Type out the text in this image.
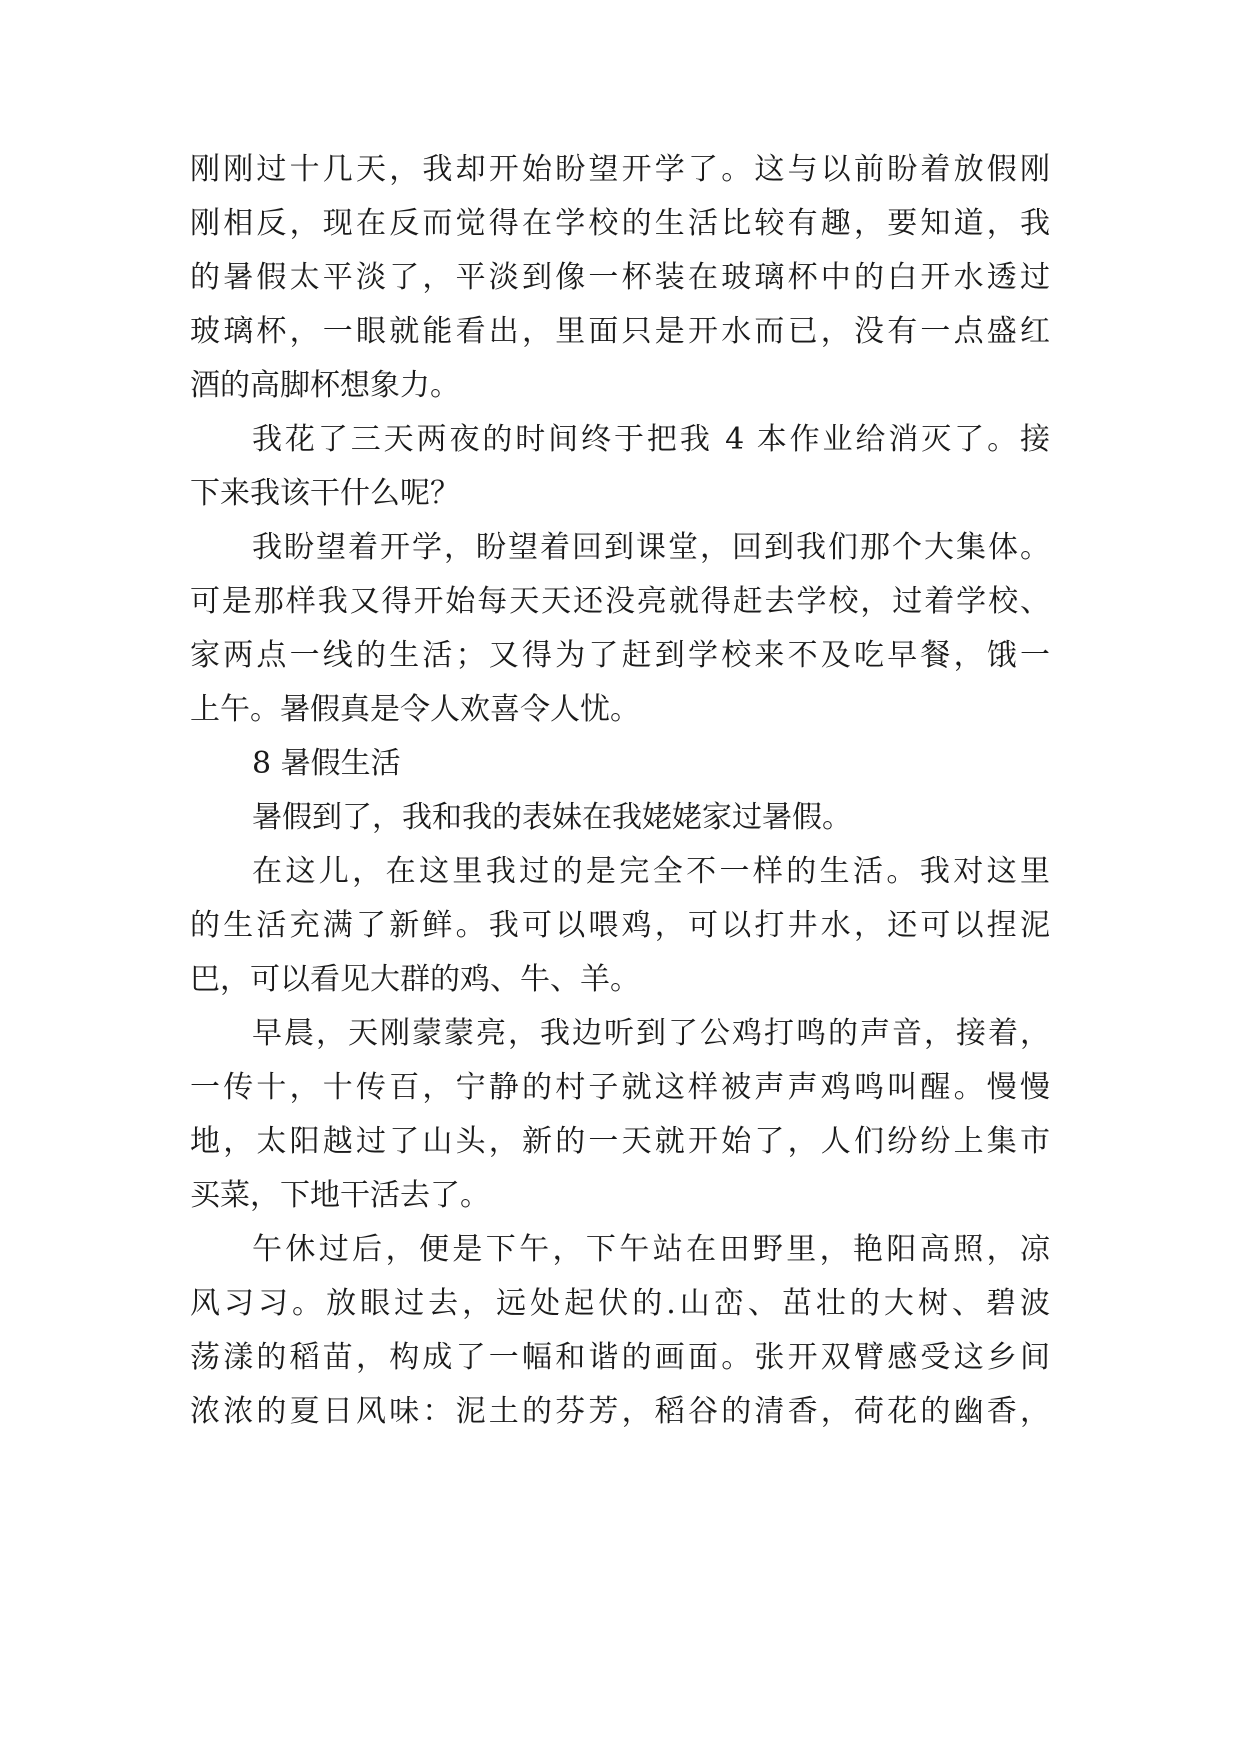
刚刚过十几天，我却开始盼望开学了。这与以前盼着放假刚
刚相反，现在反而觉得在学校的生活比较有趣，要知道，我
的暑假太平淡了，平淡到像一杯装在玻璃杯中的白开水透过
玻璃杯，一眼就能看出，里面只是开水而已，没有一点盛红
酒的高脚杯想象力。
我花了三天两夜的时间终于把我 4 本作业给消灭了。接
下来我该干什么呢？
我盼望着开学，盼望着回到课堂，回到我们那个大集体。
可是那样我又得开始每天天还没亮就得赶去学校，过着学校、
家两点一线的生活；又得为了赶到学校来不及吃早餐，饿一
上午。暑假真是令人欢喜令人忧。
8 暑假生活
暑假到了，我和我的表妹在我姥姥家过暑假。
在这儿，在这里我过的是完全不一样的生活。我对这里
的生活充满了新鲜。我可以喂鸡，可以打井水，还可以捏泥
巴，可以看见大群的鸡、牛、羊。
早晨，天刚蒙蒙亮，我边听到了公鸡打鸣的声音，接着，
一传十，十传百，宁静的村子就这样被声声鸡鸣叫醒。慢慢
地，太阳越过了山头，新的一天就开始了，人们纷纷上集市
买菜，下地干活去了。
午休过后，便是下午，下午站在田野里，艳阳高照，凉
风习习。放眼过去，远处起伏的.山峦、茁壮的大树、碧波
荡漾的稻苗，构成了一幅和谐的画面。张开双臂感受这乡间
浓浓的夏日风味：泥土的芬芳，稻谷的清香，荷花的幽香，
